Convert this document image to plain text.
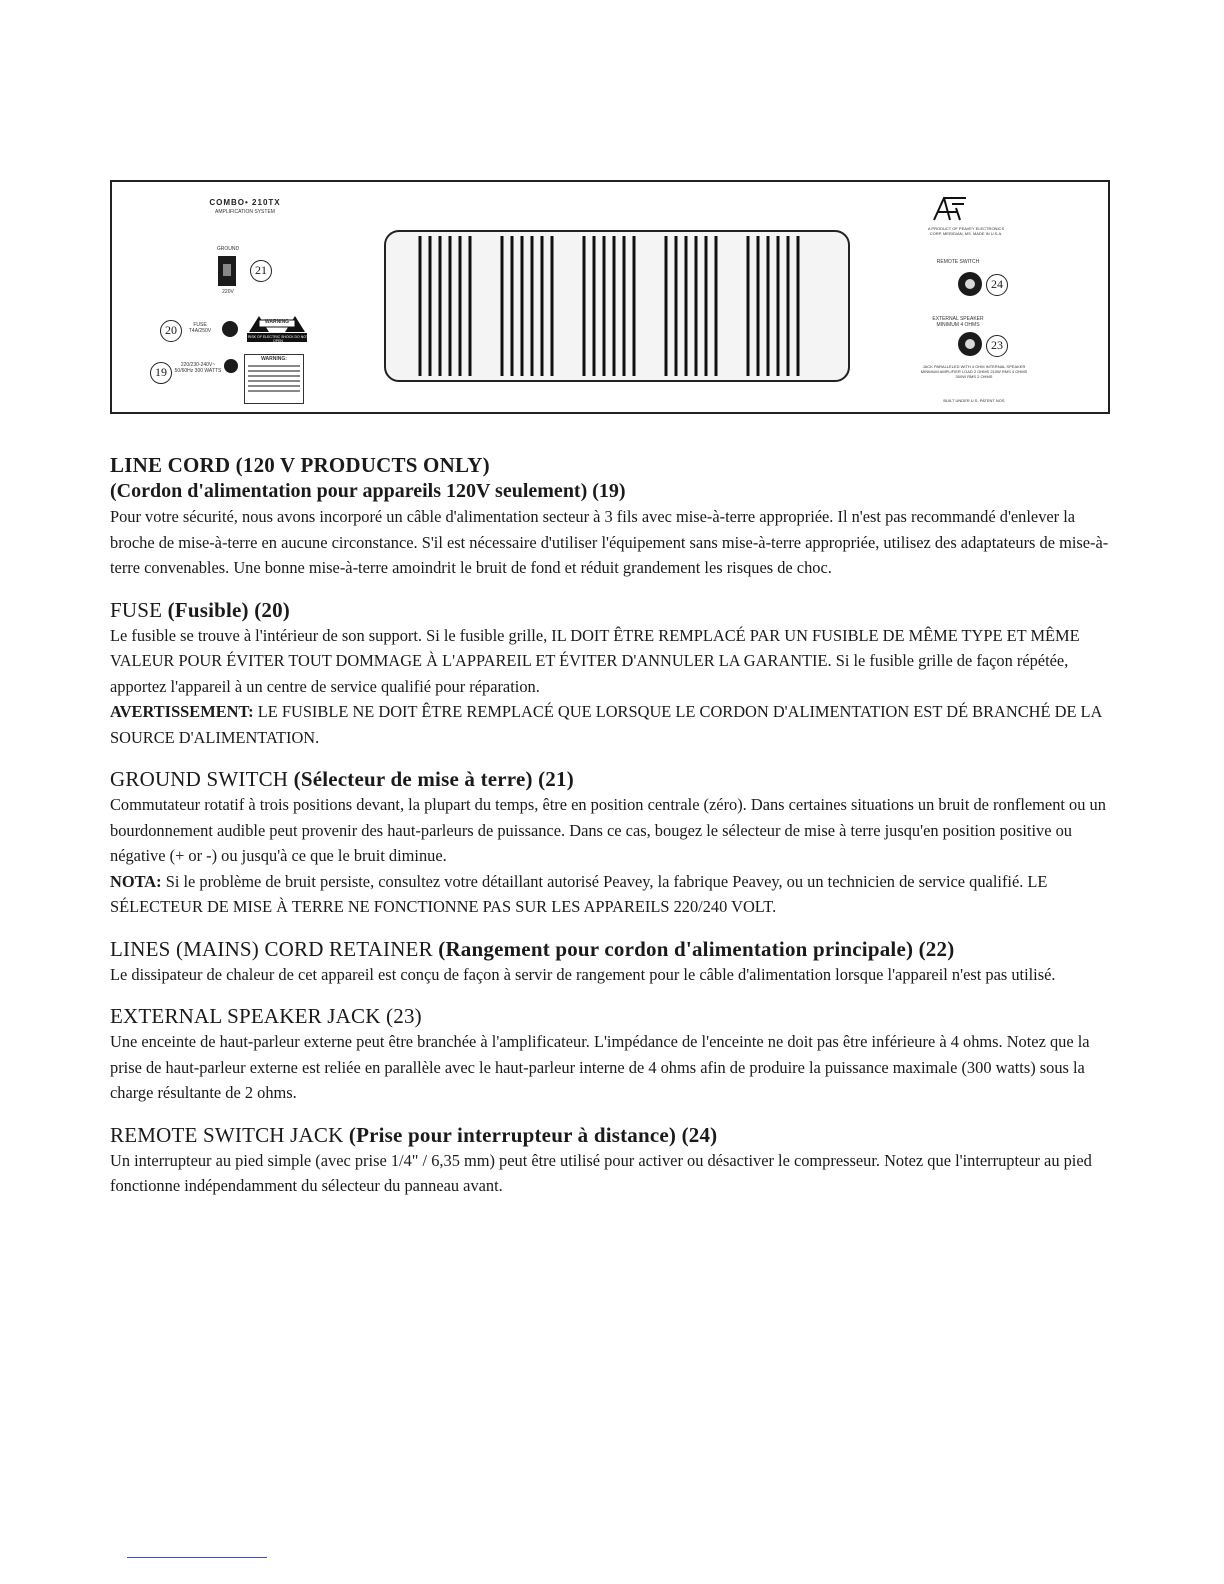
COMBO• 210TX
AMPLIFICATION SYSTEM
GROUND
21
220V
20	FUSE T4A/250V
WARNING
RISK OF ELECTRIC SHOCK DO NOT OPEN
19	220/230-240V~ 50/60Hz 300 WATTS
WARNING:
A PRODUCT OF PEAVEY ELECTRONICS CORP. MERIDIAN, MS. MADE IN U.S.A.
REMOTE SWITCH
24
EXTERNAL SPEAKER MINIMUM 4 OHMS
23
JACK PARALLELED WITH 4 OHM INTERNAL SPEAKER MINIMUM AMPLIFIER LOAD 2 OHMS 210W RMS 4 OHMS 300W RMS 2 OHMS
BUILT UNDER U.S. PATENT NOS
LINE CORD (120 V PRODUCTS ONLY)
(Cordon d'alimentation pour appareils 120V seulement) (19)

Pour votre sécurité, nous avons incorporé un câble d'alimentation secteur à 3 fils avec mise-à-terre appropriée. Il n'est pas recommandé d'enlever la broche de mise-à-terre en aucune circonstance. S'il est nécessaire d'utiliser l'équipement sans mise-à-terre appropriée, utilisez des adaptateurs de mise-à-terre convenables. Une bonne mise-à-terre amoindrit le bruit de fond et réduit grandement les risques de choc.

FUSE (Fusible) (20)

Le fusible se trouve à l'intérieur de son support. Si le fusible grille, IL DOIT ÊTRE REMPLACÉ PAR UN FUSIBLE DE MÊME TYPE ET MÊME VALEUR POUR ÉVITER TOUT DOMMAGE À L'APPAREIL ET ÉVITER D'ANNULER LA GARANTIE. Si le fusible grille de façon répétée, apportez l'appareil à un centre de service qualifié pour réparation.

AVERTISSEMENT: LE FUSIBLE NE DOIT ÊTRE REMPLACÉ QUE LORSQUE LE CORDON D'ALIMENTATION EST DÉ BRANCHÉ DE LA SOURCE D'ALIMENTATION.

GROUND SWITCH (Sélecteur de mise à terre) (21)

Commutateur rotatif à trois positions devant, la plupart du temps, être en position centrale (zéro). Dans certaines situations un bruit de ronflement ou un bourdonnement audible peut provenir des haut-parleurs de puissance. Dans ce cas, bougez le sélecteur de mise à terre jusqu'en position positive ou négative (+ or -) ou jusqu'à ce que le bruit diminue.

NOTA: Si le problème de bruit persiste, consultez votre détaillant autorisé Peavey, la fabrique Peavey, ou un technicien de service qualifié. LE SÉLECTEUR DE MISE À TERRE NE FONCTIONNE PAS SUR LES APPAREILS 220/240 VOLT.

LINES (MAINS) CORD RETAINER (Rangement pour cordon d'alimentation principale) (22)

Le dissipateur de chaleur de cet appareil est conçu de façon à servir de rangement pour le câble d'alimentation lorsque l'appareil n'est pas utilisé.

EXTERNAL SPEAKER JACK (23)

Une enceinte de haut-parleur externe peut être branchée à l'amplificateur. L'impédance de l'enceinte ne doit pas être inférieure à 4 ohms. Notez que la prise de haut-parleur externe est reliée en parallèle avec le haut-parleur interne de 4 ohms afin de produire la puissance maximale (300 watts) sous la charge résultante de 2 ohms.

REMOTE SWITCH JACK (Prise pour interrupteur à distance) (24)

Un interrupteur au pied simple (avec prise 1/4" / 6,35 mm) peut être utilisé pour activer ou désactiver le compresseur. Notez que l'interrupteur au pied fonctionne indépendamment du sélecteur du panneau avant.
